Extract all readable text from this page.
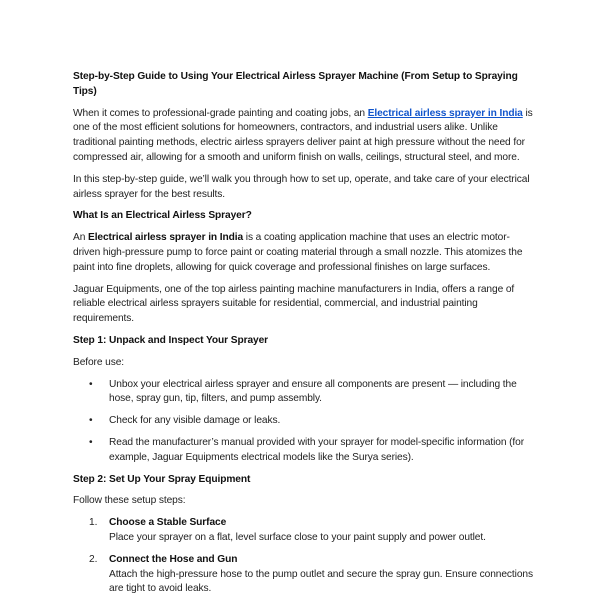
Step-by-Step Guide to Using Your Electrical Airless Sprayer Machine (From Setup to Spraying Tips)

When it comes to professional-grade painting and coating jobs, an Electrical airless sprayer in India is one of the most efficient solutions for homeowners, contractors, and industrial users alike. Unlike traditional painting methods, electric airless sprayers deliver paint at high pressure without the need for compressed air, allowing for a smooth and uniform finish on walls, ceilings, structural steel, and more.

In this step-by-step guide, we’ll walk you through how to set up, operate, and take care of your electrical airless sprayer for the best results.

What Is an Electrical Airless Sprayer?

An Electrical airless sprayer in India is a coating application machine that uses an electric motor-driven high-pressure pump to force paint or coating material through a small nozzle. This atomizes the paint into fine droplets, allowing for quick coverage and professional finishes on large surfaces.

Jaguar Equipments, one of the top airless painting machine manufacturers in India, offers a range of reliable electrical airless sprayers suitable for residential, commercial, and industrial painting requirements.

Step 1: Unpack and Inspect Your Sprayer

Before use:

• Unbox your electrical airless sprayer and ensure all components are present — including the hose, spray gun, tip, filters, and pump assembly.
• Check for any visible damage or leaks.
• Read the manufacturer’s manual provided with your sprayer for model-specific information (for example, Jaguar Equipments electrical models like the Surya series).

Step 2: Set Up Your Spray Equipment

Follow these setup steps:

1. Choose a Stable Surface
Place your sprayer on a flat, level surface close to your paint supply and power outlet.
2. Connect the Hose and Gun
Attach the high-pressure hose to the pump outlet and secure the spray gun. Ensure connections are tight to avoid leaks.
